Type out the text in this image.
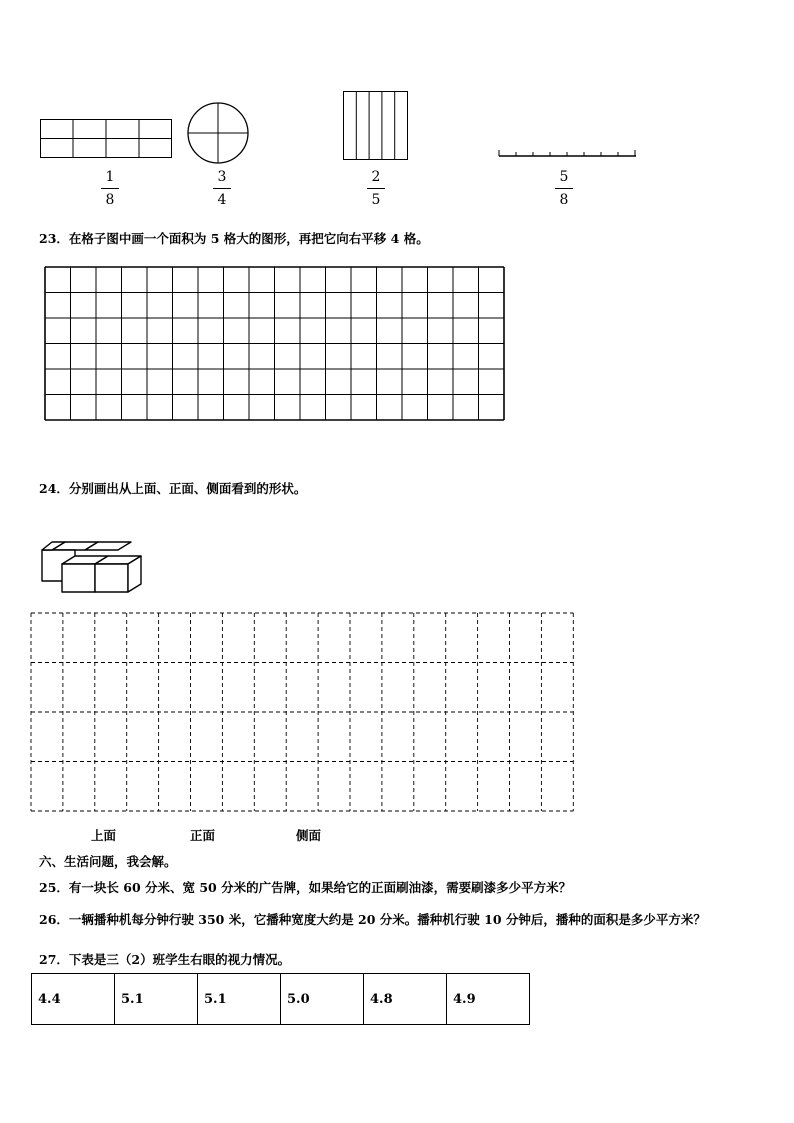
1
8
3
4
2
5
5
8
23．在格子图中画一个面积为 5 格大的图形，再把它向右平移 4 格。
24．分别画出从上面、正面、侧面看到的形状。
上面	正面	侧面
六、生活问题，我会解。
25．有一块长 60 分米、宽 50 分米的广告牌，如果给它的正面刷油漆，需要刷漆多少平方米？
26．一辆播种机每分钟行驶 350 米，它播种宽度大约是 20 分米。播种机行驶 10 分钟后，播种的面积是多少平方米？
27．下表是三（2）班学生右眼的视力情况。
4.4	5.1	5.1	5.0	4.8	4.9
